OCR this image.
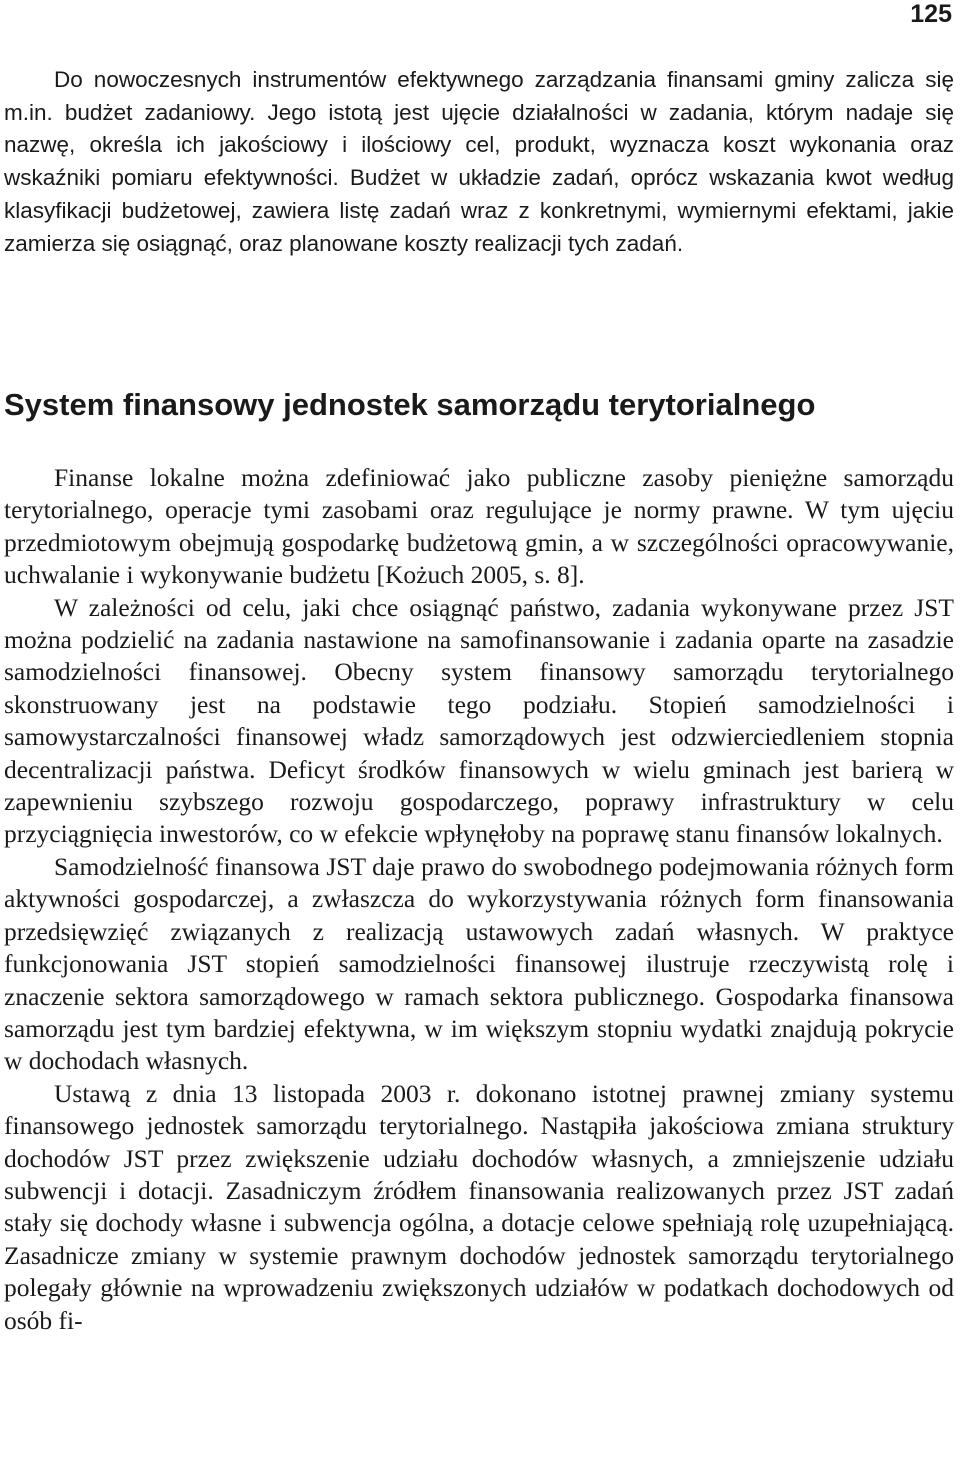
125

Do nowoczesnych instrumentów efektywnego zarządzania finansami gminy zalicza się m.in. budżet zadaniowy. Jego istotą jest ujęcie działalności w zadania, którym nadaje się nazwę, określa ich jakościowy i ilościowy cel, produkt, wyznacza koszt wykonania oraz wskaźniki pomiaru efektywności. Budżet w układzie zadań, oprócz wskazania kwot według klasyfikacji budżetowej, zawiera listę zadań wraz z konkretnymi, wymiernymi efektami, jakie zamierza się osiągnąć, oraz planowane koszty realizacji tych zadań.

System finansowy jednostek samorządu terytorialnego

Finanse lokalne można zdefiniować jako publiczne zasoby pieniężne samorządu terytorialnego, operacje tymi zasobami oraz regulujące je normy prawne. W tym ujęciu przedmiotowym obejmują gospodarkę budżetową gmin, a w szczególności opracowywanie, uchwalanie i wykonywanie budżetu [Kożuch 2005, s. 8].

W zależności od celu, jaki chce osiągnąć państwo, zadania wykonywane przez JST można podzielić na zadania nastawione na samofinansowanie i zadania oparte na zasadzie samodzielności finansowej. Obecny system finansowy samorządu terytorialnego skonstruowany jest na podstawie tego podziału. Stopień samodzielności i samowystarczalności finansowej władz samorządowych jest odzwierciedleniem stopnia decentralizacji państwa. Deficyt środków finansowych w wielu gminach jest barierą w zapewnieniu szybszego rozwoju gospodarczego, poprawy infrastruktury w celu przyciągnięcia inwestorów, co w efekcie wpłynęłoby na poprawę stanu finansów lokalnych.

Samodzielność finansowa JST daje prawo do swobodnego podejmowania różnych form aktywności gospodarczej, a zwłaszcza do wykorzystywania różnych form finansowania przedsięwzięć związanych z realizacją ustawowych zadań własnych. W praktyce funkcjonowania JST stopień samodzielności finansowej ilustruje rzeczywistą rolę i znaczenie sektora samorządowego w ramach sektora publicznego. Gospodarka finansowa samorządu jest tym bardziej efektywna, w im większym stopniu wydatki znajdują pokrycie w dochodach własnych.

Ustawą z dnia 13 listopada 2003 r. dokonano istotnej prawnej zmiany systemu finansowego jednostek samorządu terytorialnego. Nastąpiła jakościowa zmiana struktury dochodów JST przez zwiększenie udziału dochodów własnych, a zmniejszenie udziału subwencji i dotacji. Zasadniczym źródłem finansowania realizowanych przez JST zadań stały się dochody własne i subwencja ogólna, a dotacje celowe spełniają rolę uzupełniającą. Zasadnicze zmiany w systemie prawnym dochodów jednostek samorządu terytorialnego polegały głównie na wprowadzeniu zwiększonych udziałów w podatkach dochodowych od osób fi-
